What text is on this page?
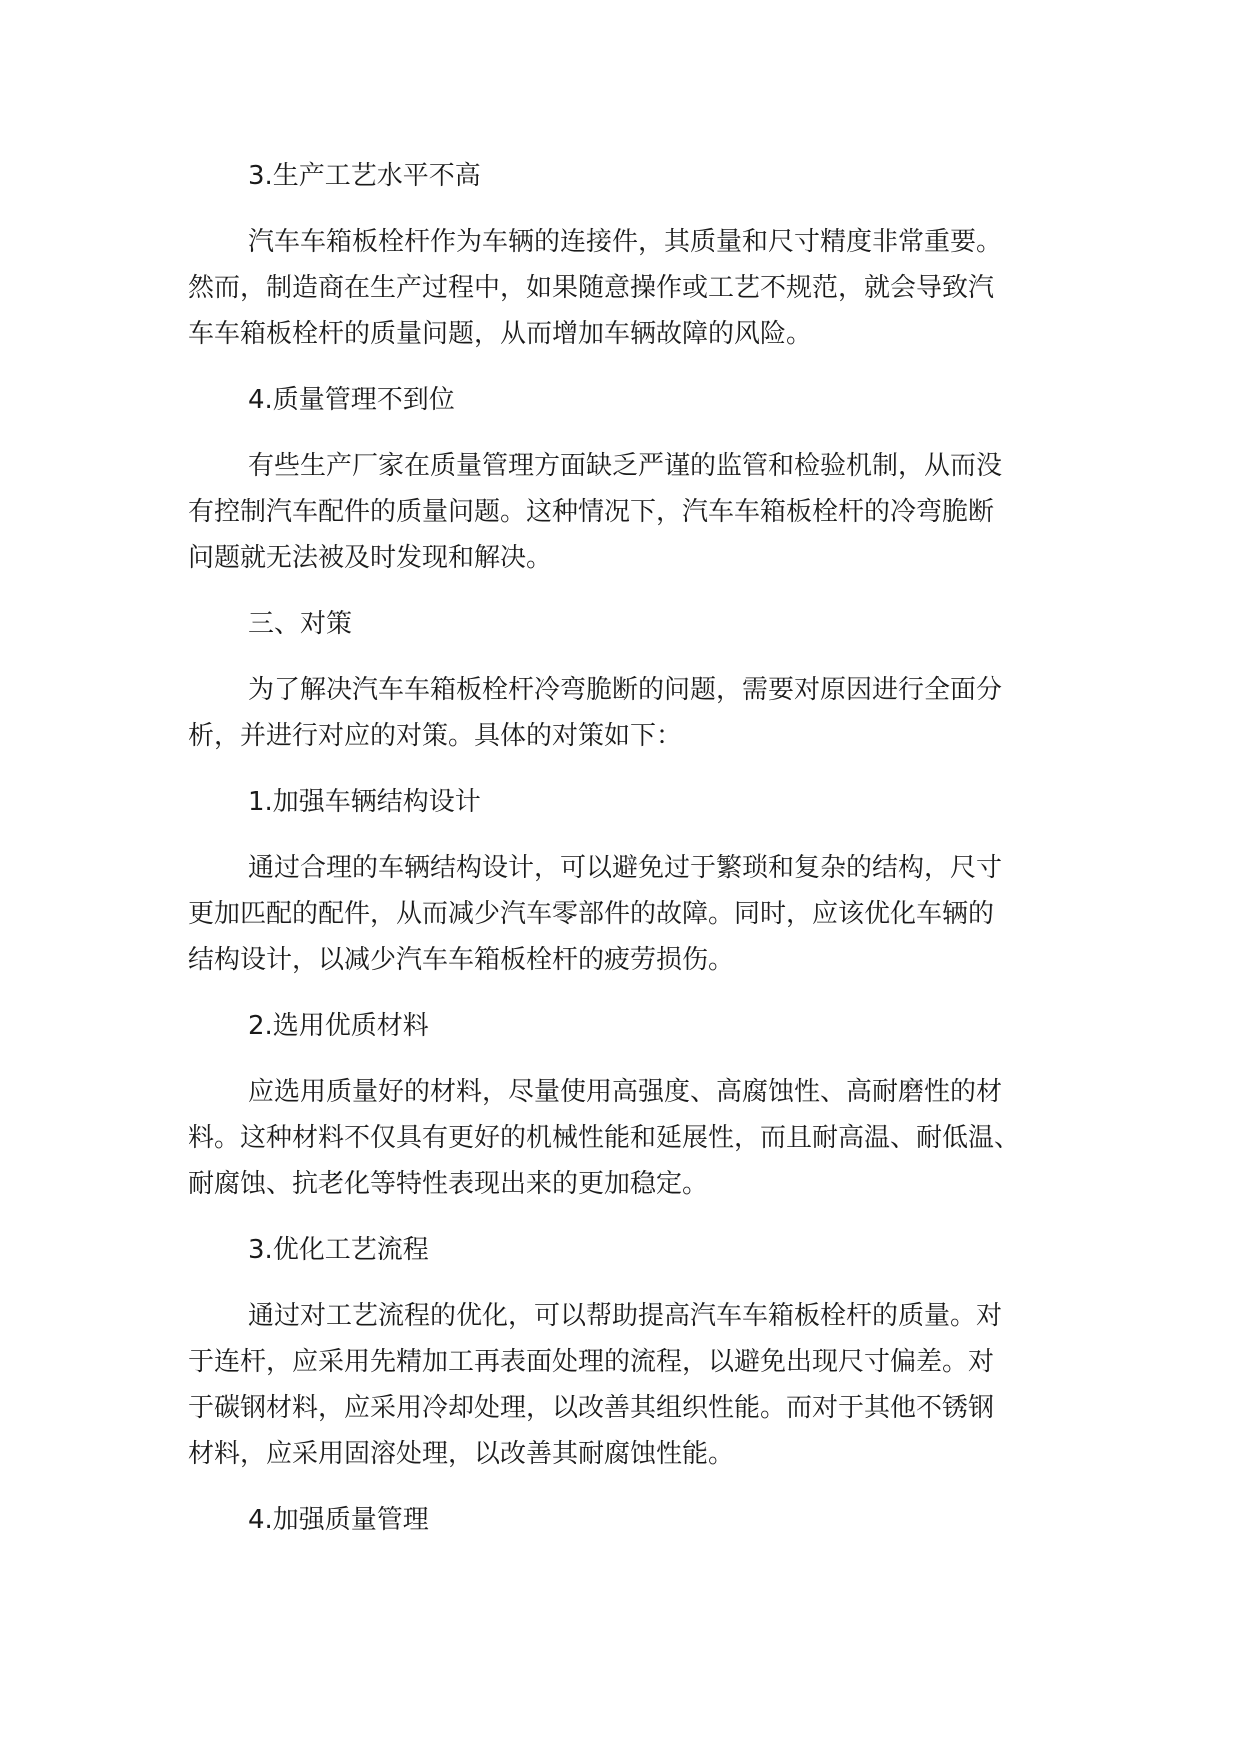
3.生产工艺水平不高
汽车车箱板栓杆作为车辆的连接件，其质量和尺寸精度非常重要。
然而，制造商在生产过程中，如果随意操作或工艺不规范，就会导致汽
车车箱板栓杆的质量问题，从而增加车辆故障的风险。
4.质量管理不到位
有些生产厂家在质量管理方面缺乏严谨的监管和检验机制，从而没
有控制汽车配件的质量问题。这种情况下，汽车车箱板栓杆的冷弯脆断
问题就无法被及时发现和解决。
三、对策
为了解决汽车车箱板栓杆冷弯脆断的问题，需要对原因进行全面分
析，并进行对应的对策。具体的对策如下：
1.加强车辆结构设计
通过合理的车辆结构设计，可以避免过于繁琐和复杂的结构，尺寸
更加匹配的配件，从而减少汽车零部件的故障。同时，应该优化车辆的
结构设计，以减少汽车车箱板栓杆的疲劳损伤。
2.选用优质材料
应选用质量好的材料，尽量使用高强度、高腐蚀性、高耐磨性的材
料。这种材料不仅具有更好的机械性能和延展性，而且耐高温、耐低温、
耐腐蚀、抗老化等特性表现出来的更加稳定。
3.优化工艺流程
通过对工艺流程的优化，可以帮助提高汽车车箱板栓杆的质量。对
于连杆，应采用先精加工再表面处理的流程，以避免出现尺寸偏差。对
于碳钢材料，应采用冷却处理，以改善其组织性能。而对于其他不锈钢
材料，应采用固溶处理，以改善其耐腐蚀性能。
4.加强质量管理
